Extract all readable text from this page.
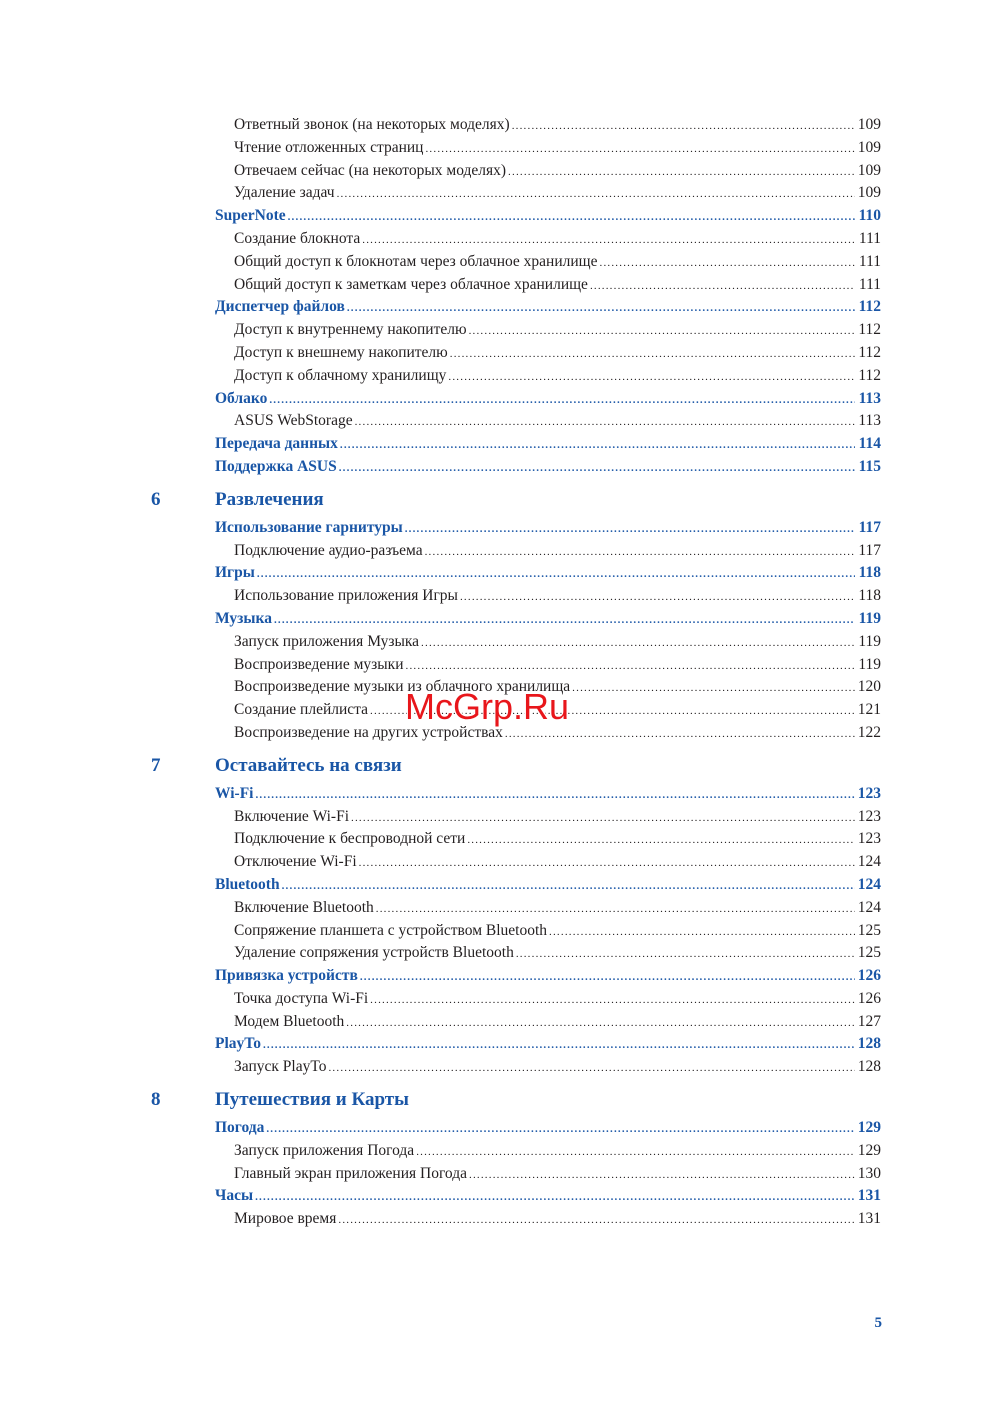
Ответный звонок (на некоторых моделях) .....	109
Чтение отложенных страниц .....	109
Отвечаем сейчас (на некоторых моделях) .....	109
Удаление задач .....	109
SuperNote .....	110
Создание блокнота .....	111
Общий доступ к блокнотам через облачное хранилище .....	111
Общий доступ к заметкам через облачное хранилище .....	111
Диспетчер файлов .....	112
Доступ к внутреннему накопителю .....	112
Доступ к внешнему накопителю .....	112
Доступ к облачному хранилищу .....	112
Облако .....	113
ASUS WebStorage .....	113
Передача данных .....	114
Поддержка ASUS .....	115
6	Развлечения
Использование гарнитуры .....	117
Подключение аудио-разъема .....	117
Игры .....	118
Использование приложения Игры .....	118
Музыка .....	119
Запуск приложения Музыка .....	119
Воспроизведение музыки .....	119
Воспроизведение музыки из облачного хранилища .....	120
Создание плейлиста .....	121
Воспроизведение на других устройствах .....	122
7	Оставайтесь на связи
Wi-Fi .....	123
Включение Wi-Fi .....	123
Подключение к беспроводной сети .....	123
Отключение Wi-Fi .....	124
Bluetooth .....	124
Включение Bluetooth .....	124
Сопряжение планшета с устройством Bluetooth .....	125
Удаление сопряжения устройств Bluetooth .....	125
Привязка устройств .....	126
Точка доступа Wi-Fi .....	126
Модем Bluetooth .....	127
PlayTo .....	128
Запуск PlayTo .....	128
8	Путешествия и Карты
Погода .....	129
Запуск приложения Погода .....	129
Главный экран приложения Погода .....	130
Часы .....	131
Мировое время .....	131
5
McGrp.Ru
